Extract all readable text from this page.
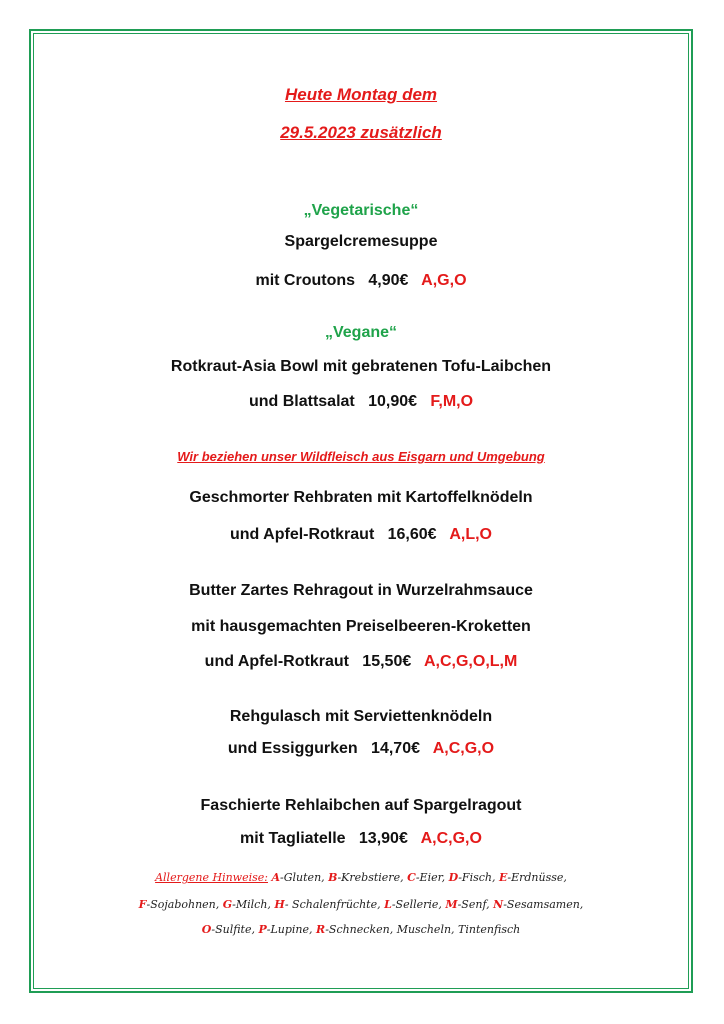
Heute Montag dem
29.5.2023 zusätzlich
„Vegetarische“
Spargelcremesuppe
mit Croutons 4,90€ A,G,O
„Vegane“
Rotkraut-Asia Bowl mit gebratenen Tofu-Laibchen
und Blattsalat 10,90€ F,M,O
Wir beziehen unser Wildfleisch aus Eisgarn und Umgebung
Geschmorter Rehbraten mit Kartoffelknödeln
und Apfel-Rotkraut 16,60€ A,L,O
Butter Zartes Rehragout in Wurzelrahmsauce
mit hausgemachten Preiselbeeren-Kroketten
und Apfel-Rotkraut 15,50€ A,C,G,O,L,M
Rehgulasch mit Serviettenknödeln
und Essiggurken 14,70€ A,C,G,O
Faschierte Rehlaibchen auf Spargelragout
mit Tagliatelle 13,90€ A,C,G,O
Allergene Hinweise: A-Gluten, B-Krebstiere, C-Eier, D-Fisch, E-Erdnüsse,
F-Sojabohnen, G-Milch, H- Schalenfrüchte, L-Sellerie, M-Senf, N-Sesamsamen,
O-Sulfite, P-Lupine, R-Schnecken, Muscheln, Tintenfisch
